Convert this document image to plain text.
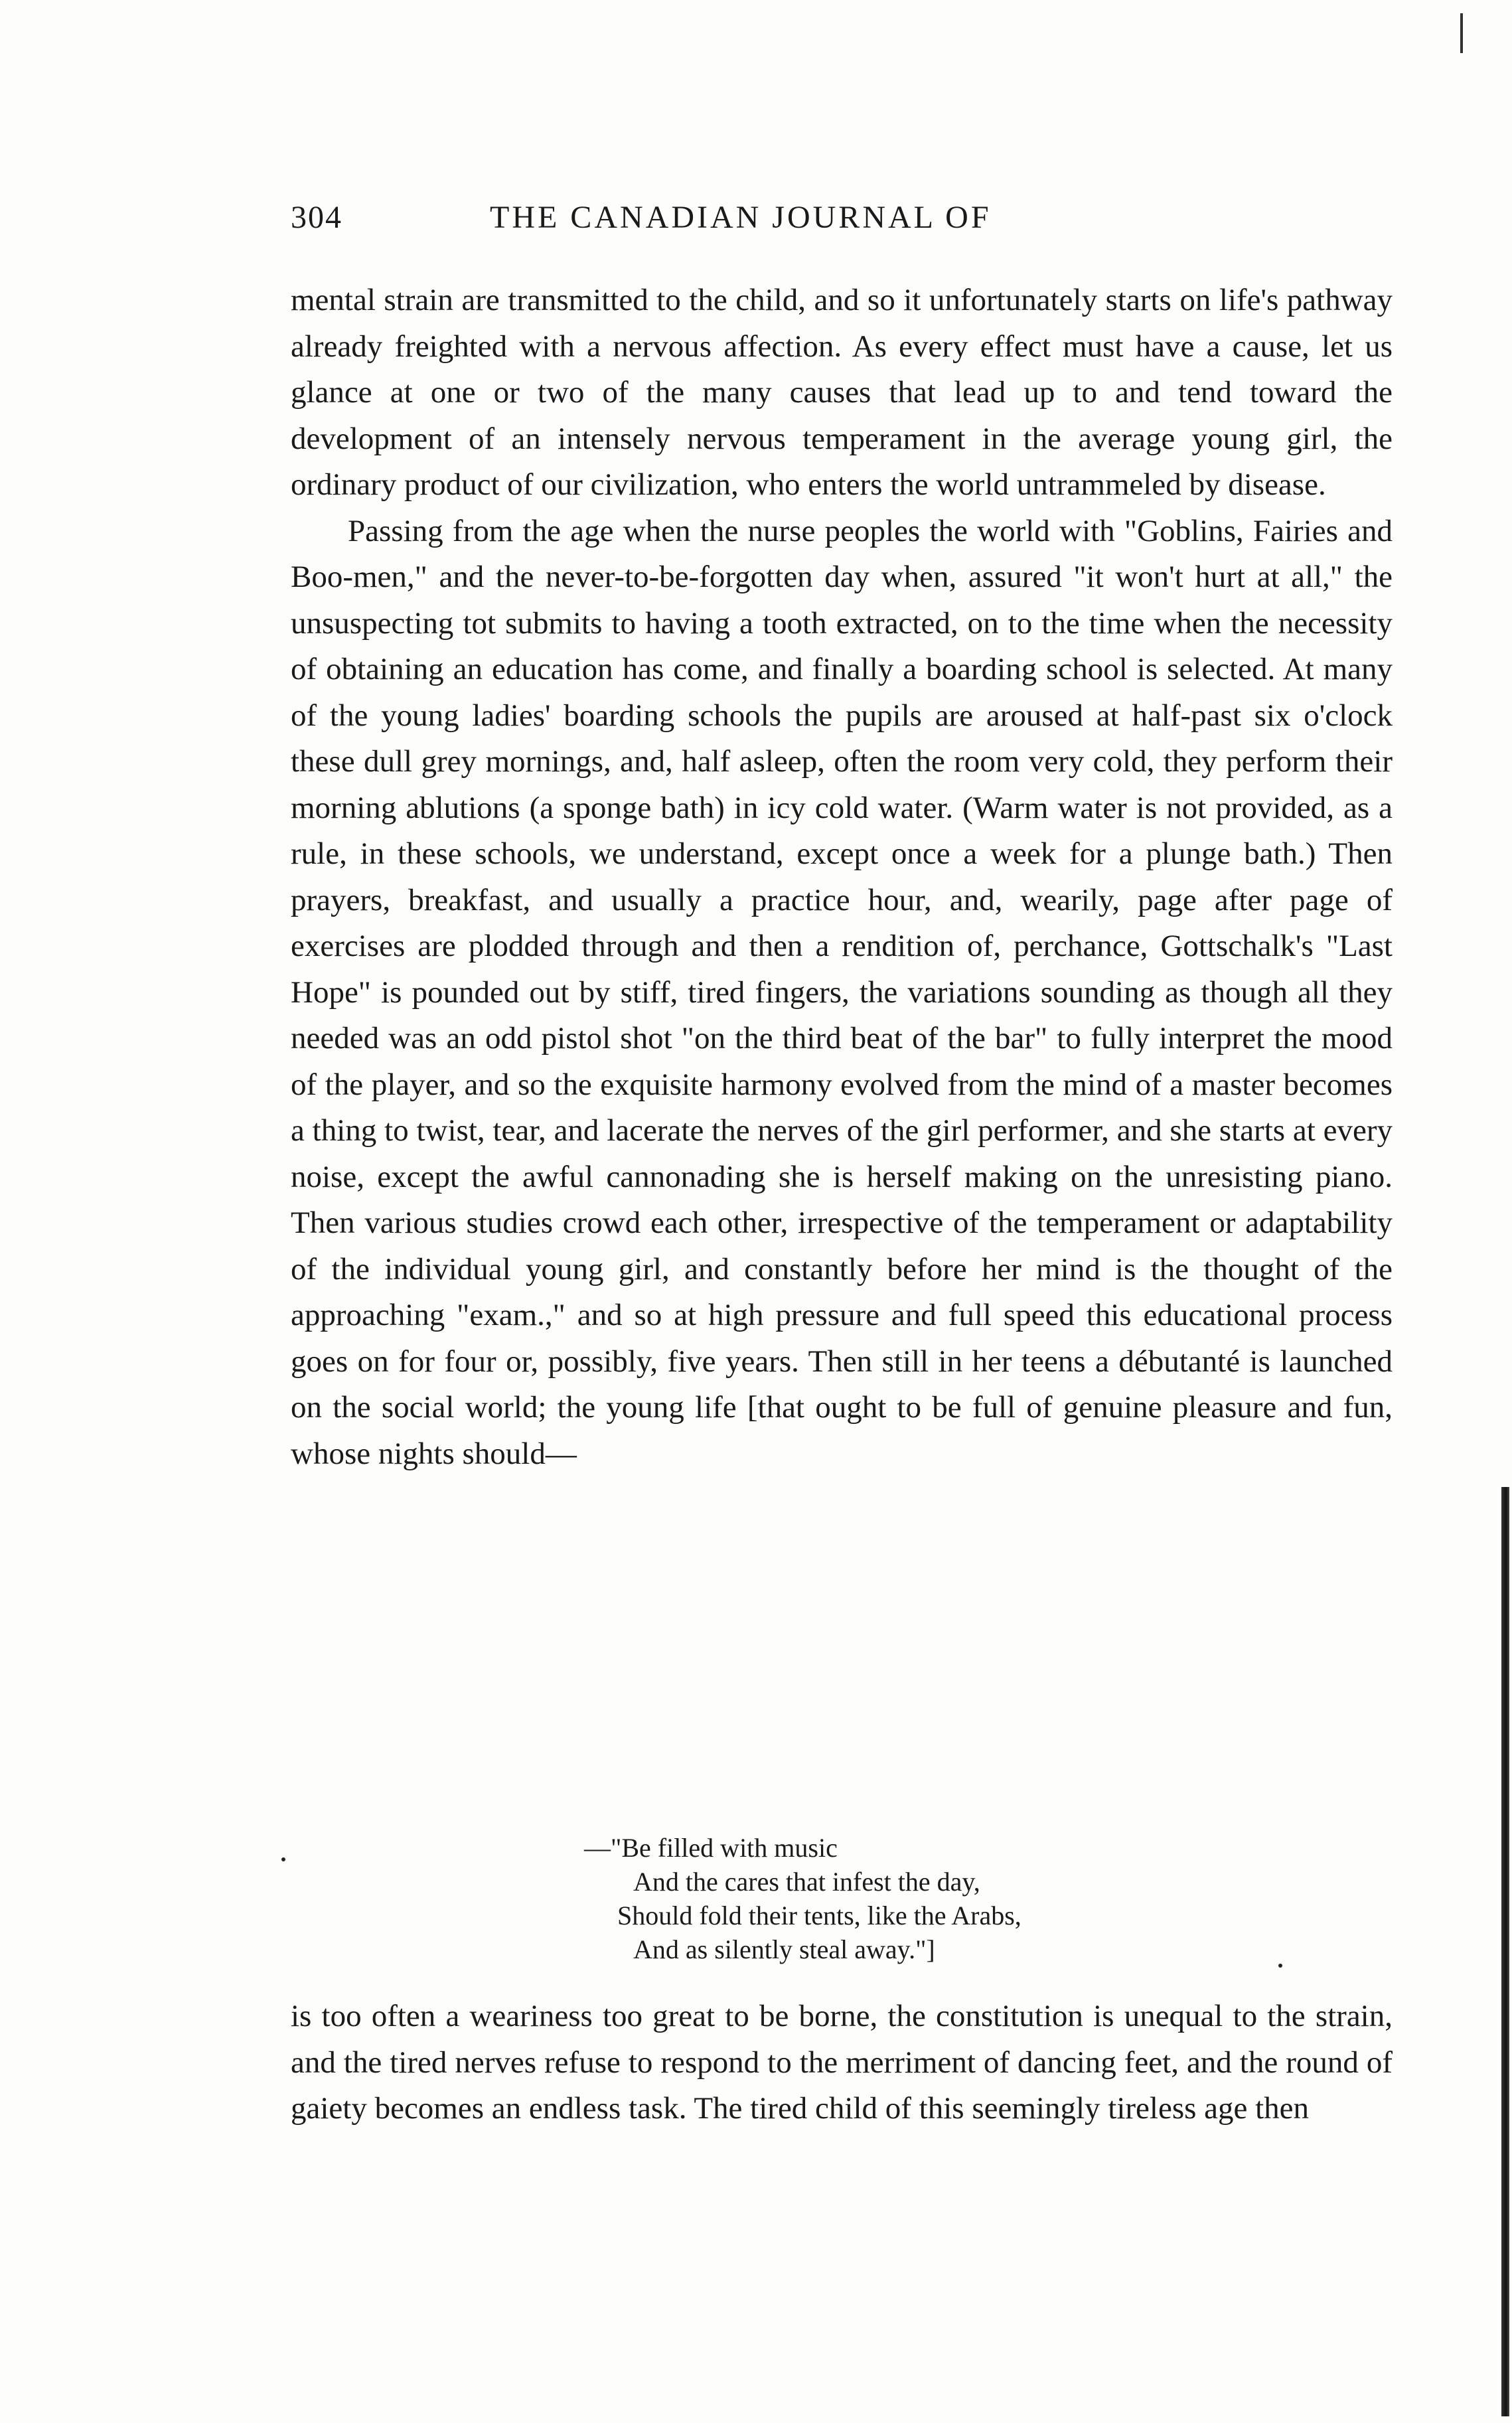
304	THE CANADIAN JOURNAL OF

mental strain are transmitted to the child, and so it unfortunately starts on life's pathway already freighted with a nervous affection. As every effect must have a cause, let us glance at one or two of the many causes that lead up to and tend toward the development of an intensely nervous temperament in the average young girl, the ordinary product of our civilization, who enters the world untrammeled by disease.

Passing from the age when the nurse peoples the world with "Goblins, Fairies and Boo-men," and the never-to-be-forgotten day when, assured "it won't hurt at all," the unsuspecting tot submits to having a tooth extracted, on to the time when the necessity of obtaining an education has come, and finally a boarding school is selected. At many of the young ladies' boarding schools the pupils are aroused at half-past six o'clock these dull grey mornings, and, half asleep, often the room very cold, they perform their morning ablutions (a sponge bath) in icy cold water. (Warm water is not provided, as a rule, in these schools, we understand, except once a week for a plunge bath.) Then prayers, breakfast, and usually a practice hour, and, wearily, page after page of exercises are plodded through and then a rendition of, perchance, Gottschalk's "Last Hope" is pounded out by stiff, tired fingers, the variations sounding as though all they needed was an odd pistol shot "on the third beat of the bar" to fully interpret the mood of the player, and so the exquisite harmony evolved from the mind of a master becomes a thing to twist, tear, and lacerate the nerves of the girl performer, and she starts at every noise, except the awful cannonading she is herself making on the unresisting piano. Then various studies crowd each other, irrespective of the temperament or adaptability of the individual young girl, and constantly before her mind is the thought of the approaching "exam.," and so at high pressure and full speed this educational process goes on for four or, possibly, five years. Then still in her teens a débutanté is launched on the social world; the young life [that ought to be full of genuine pleasure and fun, whose nights should—

—"Be filled with music
And the cares that infest the day,
Should fold their tents, like the Arabs,
And as silently steal away."]

is too often a weariness too great to be borne, the constitution is unequal to the strain, and the tired nerves refuse to respond to the merriment of dancing feet, and the round of gaiety becomes an endless task. The tired child of this seemingly tireless age then
